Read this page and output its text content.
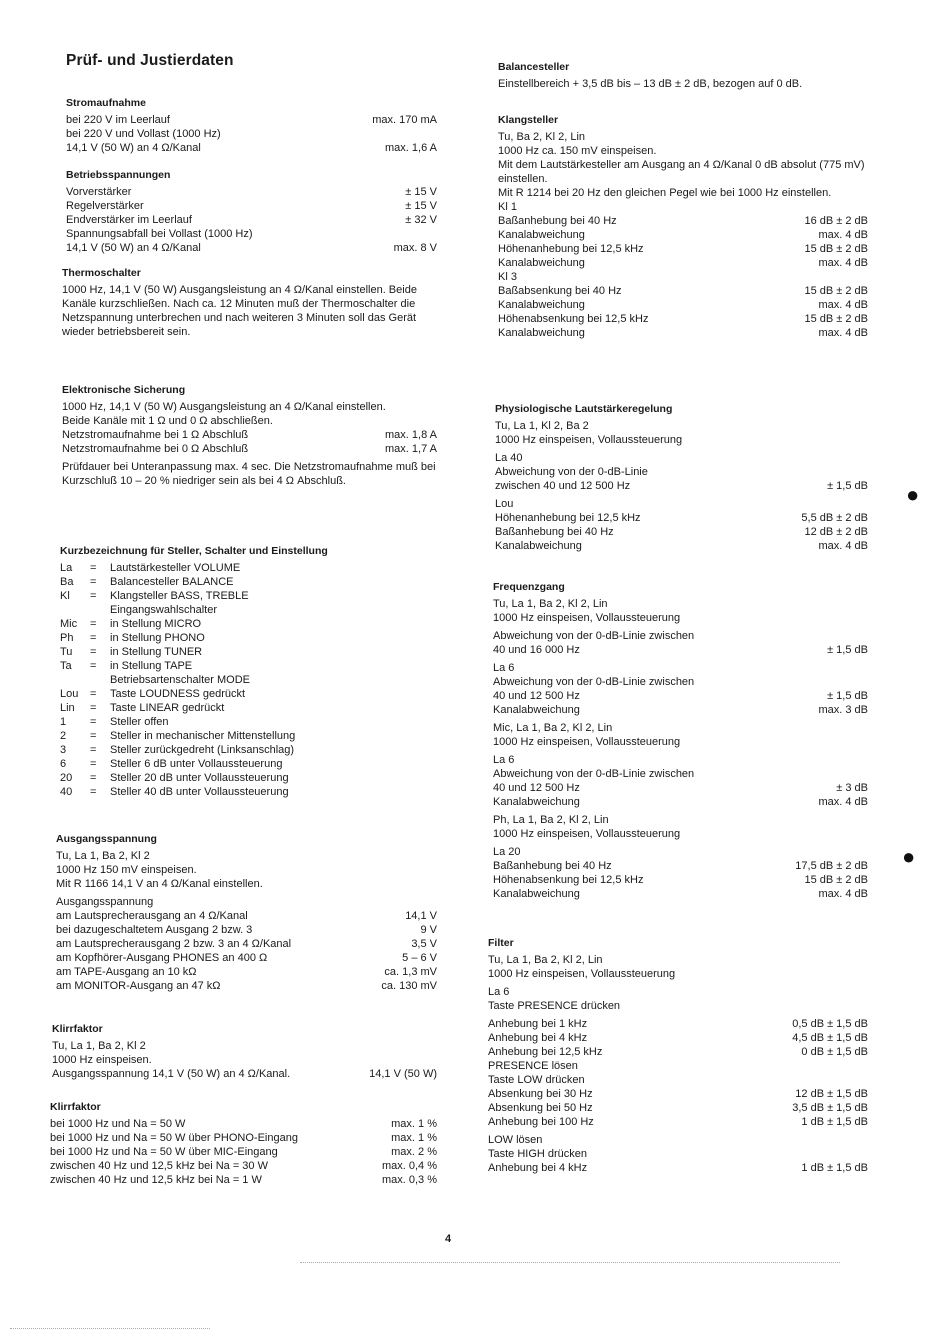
Prüf- und Justierdaten
Stromaufnahme
bei 220 V im Leerlauf	max. 170 mA
bei 220 V und Vollast (1000 Hz)
14,1 V (50 W) an 4 Ω/Kanal	max. 1,6 A
Betriebsspannungen
Vorverstärker	± 15 V
Regelverstärker	± 15 V
Endverstärker im Leerlauf	± 32 V
Spannungsabfall bei Vollast (1000 Hz)
14,1 V (50 W) an 4 Ω/Kanal	max. 8 V
Thermoschalter
1000 Hz, 14,1 V (50 W) Ausgangsleistung an 4 Ω/Kanal einstellen. Beide Kanäle kurzschließen. Nach ca. 12 Minuten muß der Thermoschalter die Netzspannung unterbrechen und nach weiteren 3 Minuten soll das Gerät wieder betriebsbereit sein.
Elektronische Sicherung
1000 Hz, 14,1 V (50 W) Ausgangsleistung an 4 Ω/Kanal einstellen.
Beide Kanäle mit 1 Ω und 0 Ω abschließen.
Netzstromaufnahme bei 1 Ω Abschluß	max. 1,8 A
Netzstromaufnahme bei 0 Ω Abschluß	max. 1,7 A
Prüfdauer bei Unteranpassung max. 4 sec. Die Netzstromaufnahme muß bei Kurzschluß 10 – 20 % niedriger sein als bei 4 Ω Abschluß.
Kurzbezeichnung für Steller, Schalter und Einstellung
La	=	Lautstärkesteller VOLUME
Ba	=	Balancesteller BALANCE
Kl	=	Klangsteller BASS, TREBLE
Eingangswahlschalter
Mic	=	in Stellung MICRO
Ph	=	in Stellung PHONO
Tu	=	in Stellung TUNER
Ta	=	in Stellung TAPE
Betriebsartenschalter MODE
Lou	=	Taste LOUDNESS gedrückt
Lin	=	Taste LINEAR gedrückt
1	=	Steller offen
2	=	Steller in mechanischer Mittenstellung
3	=	Steller zurückgedreht (Linksanschlag)
6	=	Steller 6 dB unter Vollaussteuerung
20	=	Steller 20 dB unter Vollaussteuerung
40	=	Steller 40 dB unter Vollaussteuerung
Ausgangsspannung
Tu, La 1, Ba 2, Kl 2
1000 Hz 150 mV einspeisen.
Mit R 1166 14,1 V an 4 Ω/Kanal einstellen.
Ausgangsspannung
am Lautsprecherausgang an 4 Ω/Kanal	14,1 V
bei dazugeschaltetem Ausgang 2 bzw. 3	9 V
am Lautsprecherausgang 2 bzw. 3 an 4 Ω/Kanal	3,5 V
am Kopfhörer-Ausgang PHONES an 400 Ω	5 – 6 V
am TAPE-Ausgang an 10 kΩ	ca. 1,3 mV
am MONITOR-Ausgang an 47 kΩ	ca. 130 mV
Klirrfaktor
Tu, La 1, Ba 2, Kl 2
1000 Hz einspeisen.
Ausgangsspannung 14,1 V (50 W) an 4 Ω/Kanal.	14,1 V (50 W)
Klirrfaktor
bei 1000 Hz und Na = 50 W	max. 1 %
bei 1000 Hz und Na = 50 W über PHONO-Eingang	max. 1 %
bei 1000 Hz und Na = 50 W über MIC-Eingang	max. 2 %
zwischen 40 Hz und 12,5 kHz bei Na = 30 W	max. 0,4 %
zwischen 40 Hz und 12,5 kHz bei Na = 1 W	max. 0,3 %
Balancesteller
Einstellbereich + 3,5 dB bis – 13 dB ± 2 dB, bezogen auf 0 dB.
Klangsteller
Tu, Ba 2, Kl 2, Lin
1000 Hz ca. 150 mV einspeisen.
Mit dem Lautstärkesteller am Ausgang an 4 Ω/Kanal 0 dB absolut (775 mV) einstellen.
Mit R 1214 bei 20 Hz den gleichen Pegel wie bei 1000 Hz einstellen.
Kl 1
Baßanhebung bei 40 Hz	16 dB ± 2 dB
Kanalabweichung	max. 4 dB
Höhenanhebung bei 12,5 kHz	15 dB ± 2 dB
Kanalabweichung	max. 4 dB
Kl 3
Baßabsenkung bei 40 Hz	15 dB ± 2 dB
Kanalabweichung	max. 4 dB
Höhenabsenkung bei 12,5 kHz	15 dB ± 2 dB
Kanalabweichung	max. 4 dB
Physiologische Lautstärkeregelung
Tu, La 1, Kl 2, Ba 2
1000 Hz einspeisen, Vollaussteuerung
La 40
Abweichung von der 0-dB-Linie
zwischen 40 und 12 500 Hz	± 1,5 dB
Lou
Höhenanhebung bei 12,5 kHz	5,5 dB ± 2 dB
Baßanhebung bei 40 Hz	12 dB ± 2 dB
Kanalabweichung	max. 4 dB
Frequenzgang
Tu, La 1, Ba 2, Kl 2, Lin
1000 Hz einspeisen, Vollaussteuerung
Abweichung von der 0-dB-Linie zwischen
40 und 16 000 Hz	± 1,5 dB
La 6
Abweichung von der 0-dB-Linie zwischen
40 und 12 500 Hz	± 1,5 dB
Kanalabweichung	max. 3 dB
Mic, La 1, Ba 2, Kl 2, Lin
1000 Hz einspeisen, Vollaussteuerung
La 6
Abweichung von der 0-dB-Linie zwischen
40 und 12 500 Hz	± 3 dB
Kanalabweichung	max. 4 dB
Ph, La 1, Ba 2, Kl 2, Lin
1000 Hz einspeisen, Vollaussteuerung
La 20
Baßanhebung bei 40 Hz	17,5 dB ± 2 dB
Höhenabsenkung bei 12,5 kHz	15 dB ± 2 dB
Kanalabweichung	max. 4 dB
Filter
Tu, La 1, Ba 2, Kl 2, Lin
1000 Hz einspeisen, Vollaussteuerung
La 6
Taste PRESENCE drücken
Anhebung bei 1 kHz	0,5 dB ± 1,5 dB
Anhebung bei 4 kHz	4,5 dB ± 1,5 dB
Anhebung bei 12,5 kHz	0 dB ± 1,5 dB
PRESENCE lösen
Taste LOW drücken
Absenkung bei 30 Hz	12 dB ± 1,5 dB
Absenkung bei 50 Hz	3,5 dB ± 1,5 dB
Anhebung bei 100 Hz	1 dB ± 1,5 dB
LOW lösen
Taste HIGH drücken
Anhebung bei 4 kHz	1 dB ± 1,5 dB
4
●
●
